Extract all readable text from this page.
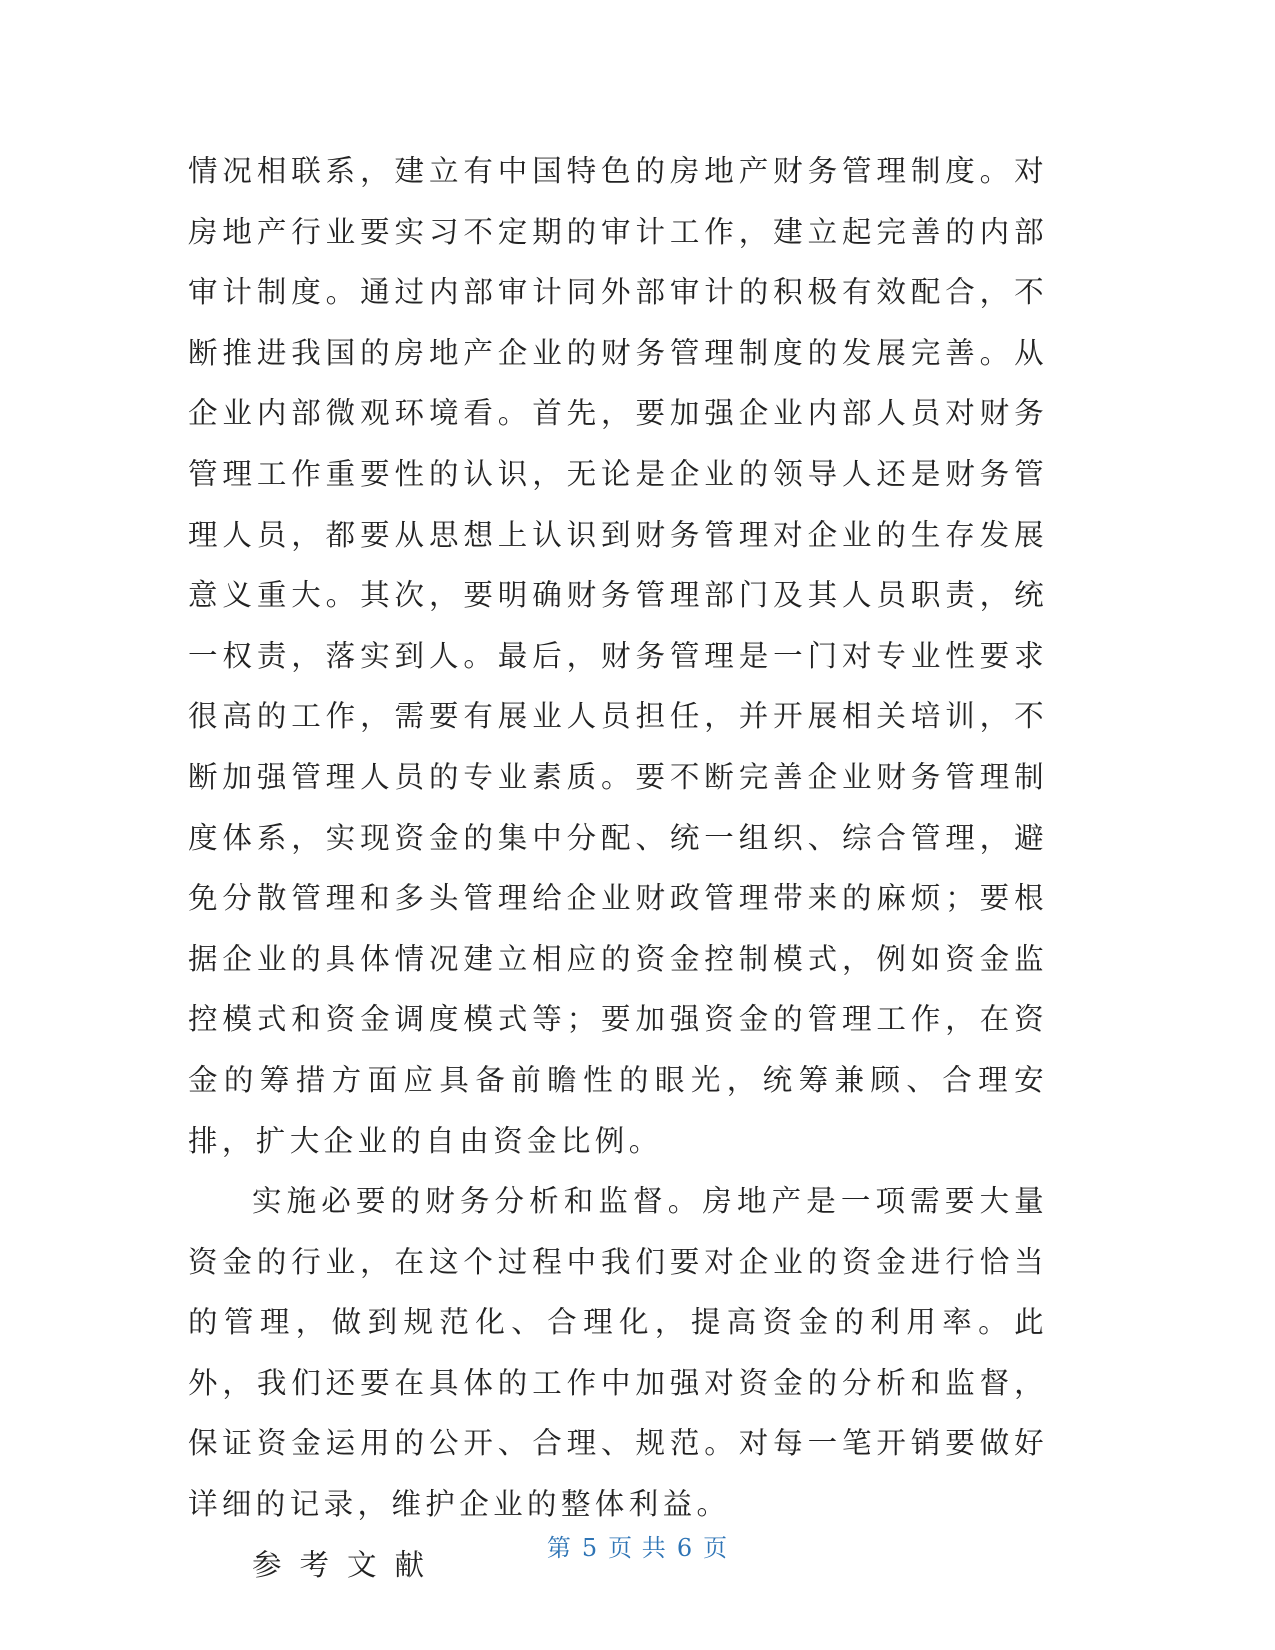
情况相联系，建立有中国特色的房地产财务管理制度。对房地产行业要实习不定期的审计工作，建立起完善的内部审计制度。通过内部审计同外部审计的积极有效配合，不断推进我国的房地产企业的财务管理制度的发展完善。从企业内部微观环境看。首先，要加强企业内部人员对财务管理工作重要性的认识，无论是企业的领导人还是财务管理人员，都要从思想上认识到财务管理对企业的生存发展意义重大。其次，要明确财务管理部门及其人员职责，统一权责，落实到人。最后，财务管理是一门对专业性要求很高的工作，需要有展业人员担任，并开展相关培训，不断加强管理人员的专业素质。要不断完善企业财务管理制度体系，实现资金的集中分配、统一组织、综合管理，避免分散管理和多头管理给企业财政管理带来的麻烦；要根据企业的具体情况建立相应的资金控制模式，例如资金监控模式和资金调度模式等；要加强资金的管理工作，在资金的筹措方面应具备前瞻性的眼光，统筹兼顾、合理安排，扩大企业的自由资金比例。

实施必要的财务分析和监督。房地产是一项需要大量资金的行业，在这个过程中我们要对企业的资金进行恰当的管理，做到规范化、合理化，提高资金的利用率。此外，我们还要在具体的工作中加强对资金的分析和监督，保证资金运用的公开、合理、规范。对每一笔开销要做好详细的记录，维护企业的整体利益。

参考文献	第 5 页 共 6 页
